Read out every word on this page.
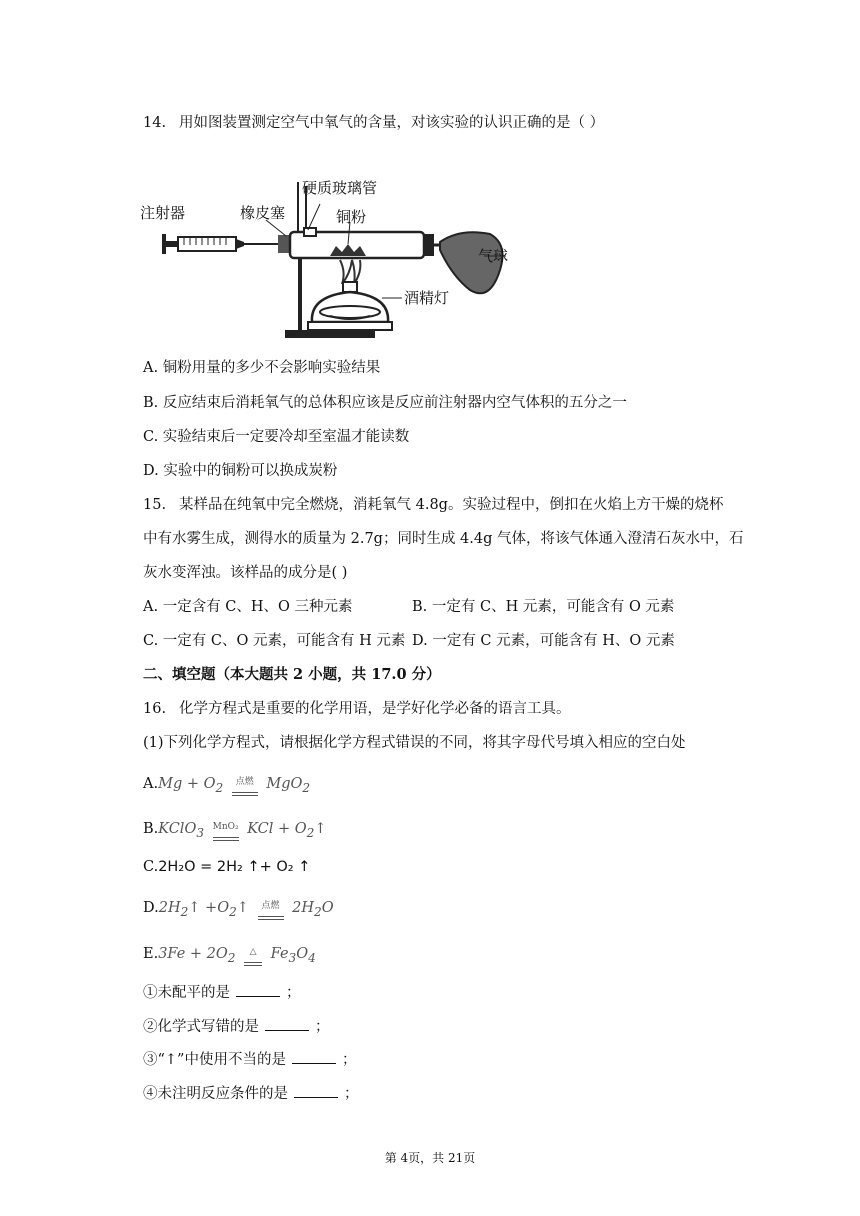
14. 用如图装置测定空气中氧气的含量，对该实验的认识正确的是（ ）
注射器	橡皮塞
硬质玻璃管
铜粉
气球
酒精灯
A. 铜粉用量的多少不会影响实验结果
B. 反应结束后消耗氧气的总体积应该是反应前注射器内空气体积的五分之一
C. 实验结束后一定要冷却至室温才能读数
D. 实验中的铜粉可以换成炭粉
15. 某样品在纯氧中完全燃烧，消耗氧气 4.8g。实验过程中，倒扣在火焰上方干燥的烧杯
中有水雾生成，测得水的质量为 2.7g；同时生成 4.4g 气体，将该气体通入澄清石灰水中，石
灰水变浑浊。该样品的成分是( )
A. 一定含有 C、H、O 三种元素	B. 一定有 C、H 元素，可能含有 O 元素
C. 一定有 C、O 元素，可能含有 H 元素 D. 一定有 C 元素，可能含有 H、O 元素
二、填空题（本大题共 2 小题，共 17.0 分）
16. 化学方程式是重要的化学用语，是学好化学必备的语言工具。
(1)下列化学方程式，请根据化学方程式错误的不同，将其字母代号填入相应的空白处
$A.Mg + O_2$	点燃 MgO$_2$
B.KClO$_3$ MnO₂ KCl + $O_2↑$
C.2H₂O = 2H₂ ↑+ O₂ ↑
$D.2H_2↑$ $+O_2↑$	点燃 $2H_2O$
$E.3Fe + 2O_2$	△ $Fe_3O_4$
①未配平的是	；
②化学式写错的是	；
③“↑”中使用不当的是	；
④未注明反应条件的是	；
第 4页，共 21页
